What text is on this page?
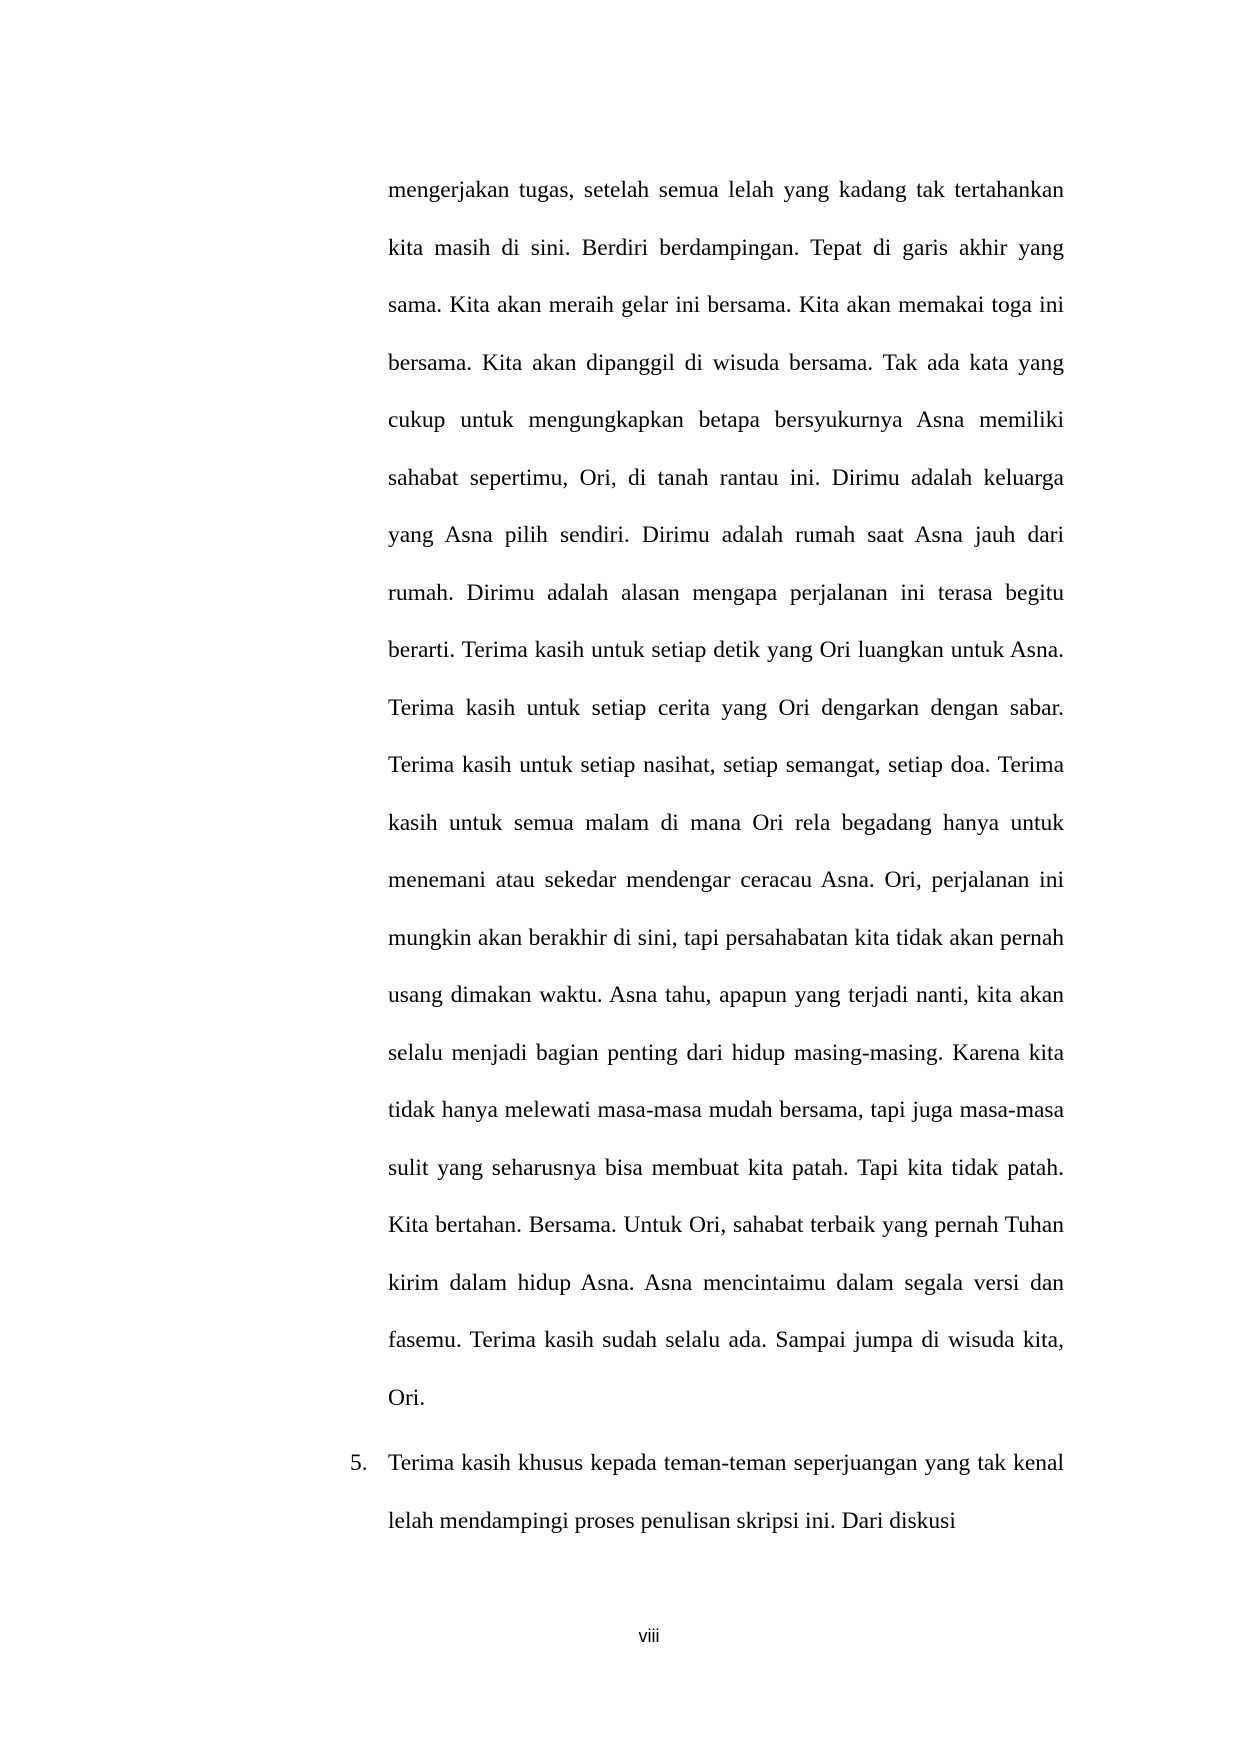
mengerjakan tugas, setelah semua lelah yang kadang tak tertahankan kita masih di sini. Berdiri berdampingan. Tepat di garis akhir yang sama. Kita akan meraih gelar ini bersama. Kita akan memakai toga ini bersama. Kita akan dipanggil di wisuda bersama. Tak ada kata yang cukup untuk mengungkapkan betapa bersyukurnya Asna memiliki sahabat sepertimu, Ori, di tanah rantau ini. Dirimu adalah keluarga yang Asna pilih sendiri. Dirimu adalah rumah saat Asna jauh dari rumah. Dirimu adalah alasan mengapa perjalanan ini terasa begitu berarti. Terima kasih untuk setiap detik yang Ori luangkan untuk Asna. Terima kasih untuk setiap cerita yang Ori dengarkan dengan sabar. Terima kasih untuk setiap nasihat, setiap semangat, setiap doa. Terima kasih untuk semua malam di mana Ori rela begadang hanya untuk menemani atau sekedar mendengar ceracau Asna. Ori, perjalanan ini mungkin akan berakhir di sini, tapi persahabatan kita tidak akan pernah usang dimakan waktu. Asna tahu, apapun yang terjadi nanti, kita akan selalu menjadi bagian penting dari hidup masing-masing. Karena kita tidak hanya melewati masa-masa mudah bersama, tapi juga masa-masa sulit yang seharusnya bisa membuat kita patah. Tapi kita tidak patah. Kita bertahan. Bersama. Untuk Ori, sahabat terbaik yang pernah Tuhan kirim dalam hidup Asna. Asna mencintaimu dalam segala versi dan fasemu. Terima kasih sudah selalu ada. Sampai jumpa di wisuda kita, Ori.

5. Terima kasih khusus kepada teman-teman seperjuangan yang tak kenal lelah mendampingi proses penulisan skripsi ini. Dari diskusi

viii
